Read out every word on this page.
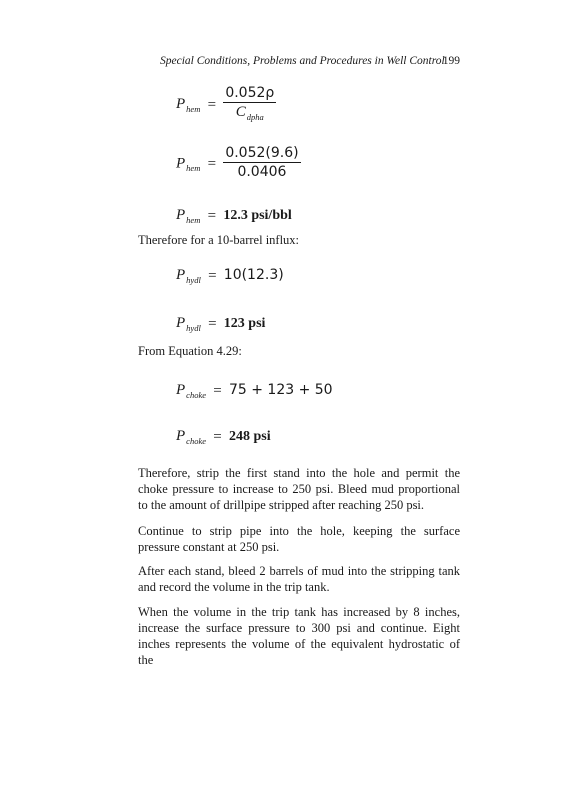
Special Conditions, Problems and Procedures in Well Control
199
$P_{hem} = \frac{0.052\rho}{C_{dpha}}$
$P_{hem} = \frac{0.052(9.6)}{0.0406}$
$P_{hem} = 12.3$ psi/bbl
Therefore for a 10-barrel influx:
$P_{hydl} = 10(12.3)$
$P_{hydl} = 123$ psi
From Equation 4.29:
$P_{choke} = 75 + 123 + 50$
$P_{choke} = 248$ psi
Therefore, strip the first stand into the hole and permit the choke pressure to increase to 250 psi. Bleed mud proportional to the amount of drillpipe stripped after reaching 250 psi.
Continue to strip pipe into the hole, keeping the surface pressure constant at 250 psi.
After each stand, bleed 2 barrels of mud into the stripping tank and record the volume in the trip tank.
When the volume in the trip tank has increased by 8 inches, increase the surface pressure to 300 psi and continue. Eight inches represents the volume of the equivalent hydrostatic of the
